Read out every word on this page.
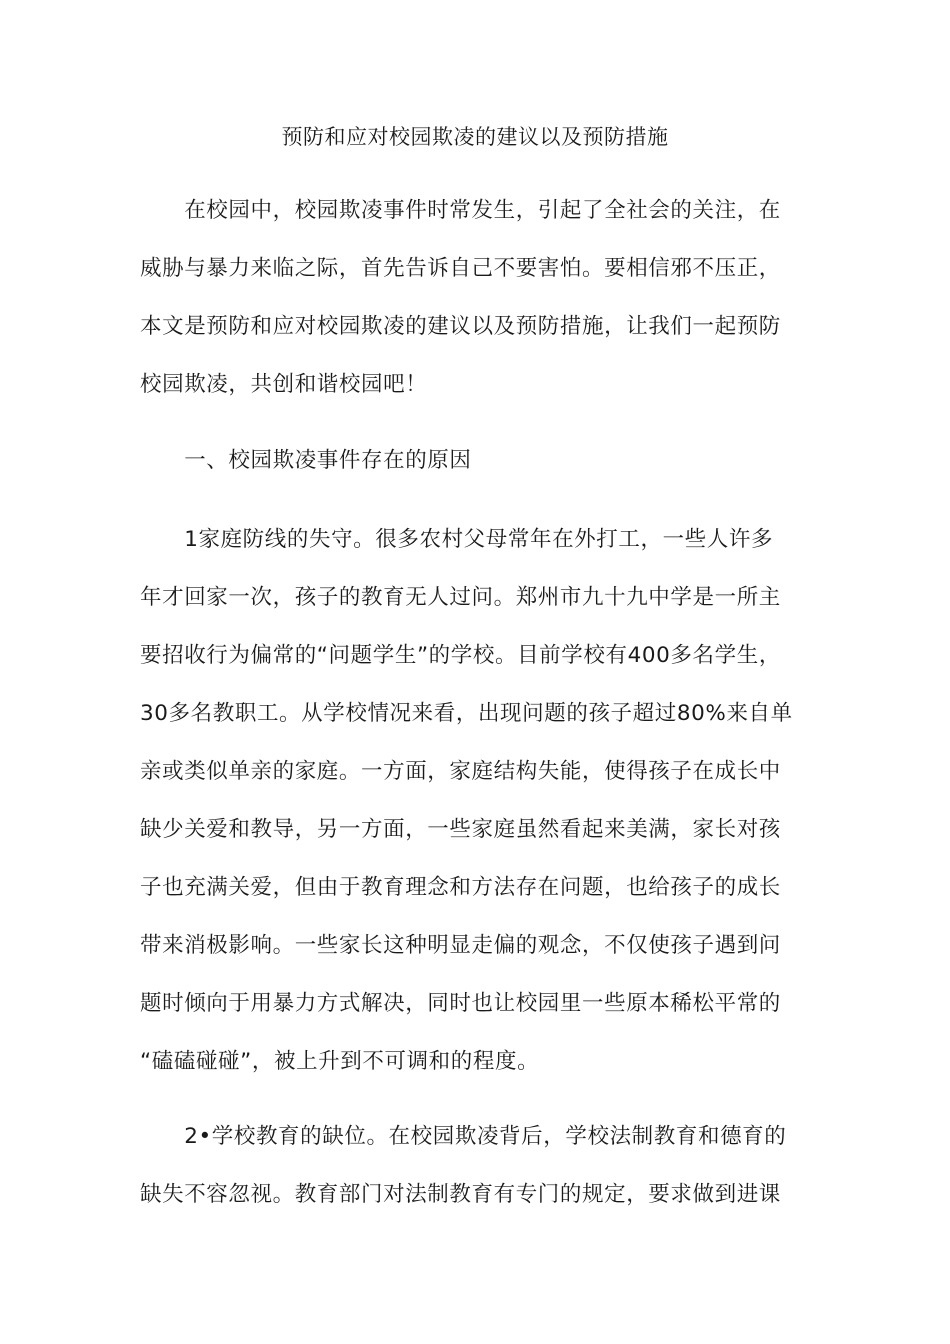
预防和应对校园欺凌的建议以及预防措施
　　在校园中，校园欺凌事件时常发生，引起了全社会的关注，在
威胁与暴力来临之际，首先告诉自己不要害怕。要相信邪不压正，
本文是预防和应对校园欺凌的建议以及预防措施，让我们一起预防
校园欺凌，共创和谐校园吧！
　　一、校园欺凌事件存在的原因
　　1家庭防线的失守。很多农村父母常年在外打工，一些人许多
年才回家一次，孩子的教育无人过问。郑州市九十九中学是一所主
要招收行为偏常的“问题学生”的学校。目前学校有400多名学生，
30多名教职工。从学校情况来看，出现问题的孩子超过80%来自单
亲或类似单亲的家庭。一方面，家庭结构失能，使得孩子在成长中
缺少关爱和教导，另一方面，一些家庭虽然看起来美满，家长对孩
子也充满关爱，但由于教育理念和方法存在问题，也给孩子的成长
带来消极影响。一些家长这种明显走偏的观念，不仅使孩子遇到问
题时倾向于用暴力方式解决，同时也让校园里一些原本稀松平常的
“磕磕碰碰”，被上升到不可调和的程度。
　　2•学校教育的缺位。在校园欺凌背后，学校法制教育和德育的
缺失不容忽视。教育部门对法制教育有专门的规定，要求做到进课
